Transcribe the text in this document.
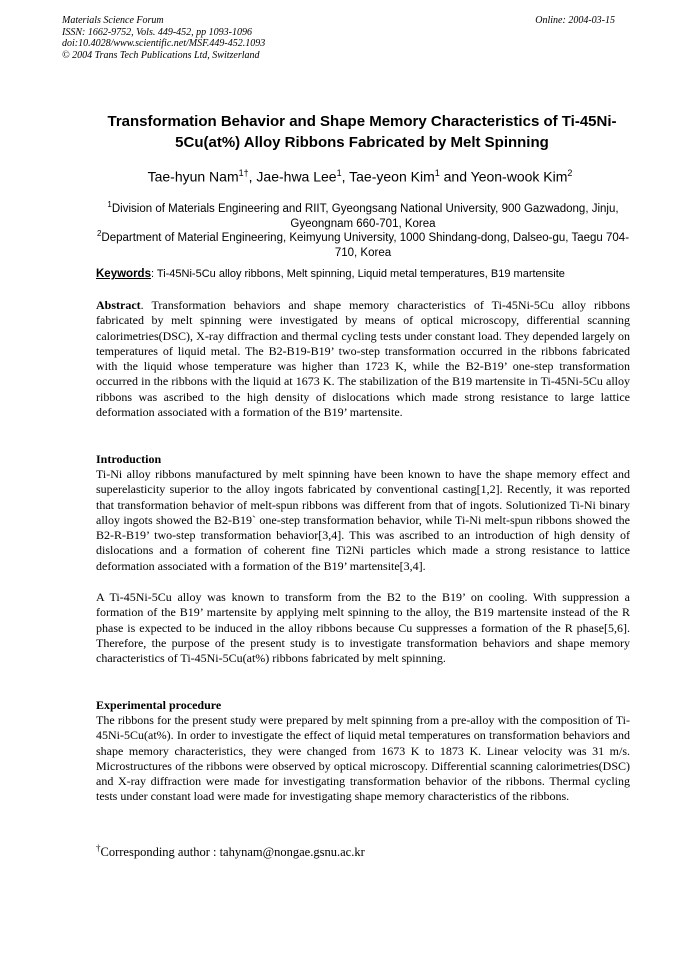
Materials Science Forum
ISSN: 1662-9752, Vols. 449-452, pp 1093-1096
doi:10.4028/www.scientific.net/MSF.449-452.1093
© 2004 Trans Tech Publications Ltd, Switzerland
Online: 2004-03-15
Transformation Behavior and Shape Memory Characteristics of Ti-45Ni-5Cu(at%) Alloy Ribbons Fabricated by Melt Spinning
Tae-hyun Nam$^{1\dagger}$, Jae-hwa Lee$^1$, Tae-yeon Kim$^1$ and Yeon-wook Kim$^2$
$^1$Division of Materials Engineering and RIIT, Gyeongsang National University, 900 Gazwadong, Jinju, Gyeongnam 660-701, Korea
$^2$Department of Material Engineering, Keimyung University, 1000 Shindang-dong, Dalseo-gu, Taegu 704-710, Korea
Keywords: Ti-45Ni-5Cu alloy ribbons, Melt spinning, Liquid metal temperatures, B19 martensite

Abstract. Transformation behaviors and shape memory characteristics of Ti-45Ni-5Cu alloy ribbons fabricated by melt spinning were investigated by means of optical microscopy, differential scanning calorimetries(DSC), X-ray diffraction and thermal cycling tests under constant load. They depended largely on temperatures of liquid metal. The B2-B19-B19’ two-step transformation occurred in the ribbons fabricated with the liquid whose temperature was higher than 1723 K, while the B2-B19’ one-step transformation occurred in the ribbons with the liquid at 1673 K. The stabilization of the B19 martensite in Ti-45Ni-5Cu alloy ribbons was ascribed to the high density of dislocations which made strong resistance to large lattice deformation associated with a formation of the B19’ martensite.

Introduction

Ti-Ni alloy ribbons manufactured by melt spinning have been known to have the shape memory effect and superelasticity superior to the alloy ingots fabricated by conventional casting[1,2]. Recently, it was reported that transformation behavior of melt-spun ribbons was different from that of ingots. Solutionized Ti-Ni binary alloy ingots showed the B2-B19` one-step transformation behavior, while Ti-Ni melt-spun ribbons showed the B2-R-B19’ two-step transformation behavior[3,4]. This was ascribed to an introduction of high density of dislocations and a formation of coherent fine Ti2Ni particles which made a strong resistance to lattice deformation associated with a formation of the B19’ martensite[3,4].

A Ti-45Ni-5Cu alloy was known to transform from the B2 to the B19’ on cooling. With suppression a formation of the B19’ martensite by applying melt spinning to the alloy, the B19 martensite instead of the R phase is expected to be induced in the alloy ribbons because Cu suppresses a formation of the R phase[5,6]. Therefore, the purpose of the present study is to investigate transformation behaviors and shape memory characteristics of Ti-45Ni-5Cu(at%) ribbons fabricated by melt spinning.

Experimental procedure

The ribbons for the present study were prepared by melt spinning from a pre-alloy with the composition of Ti-45Ni-5Cu(at%). In order to investigate the effect of liquid metal temperatures on transformation behaviors and shape memory characteristics, they were changed from 1673 K to 1873 K. Linear velocity was 31 m/s. Microstructures of the ribbons were observed by optical microscopy. Differential scanning calorimetries(DSC) and X-ray diffraction were made for investigating transformation behavior of the ribbons. Thermal cycling tests under constant load were made for investigating shape memory characteristics of the ribbons.

†Corresponding author : tahynam@nongae.gsnu.ac.kr
